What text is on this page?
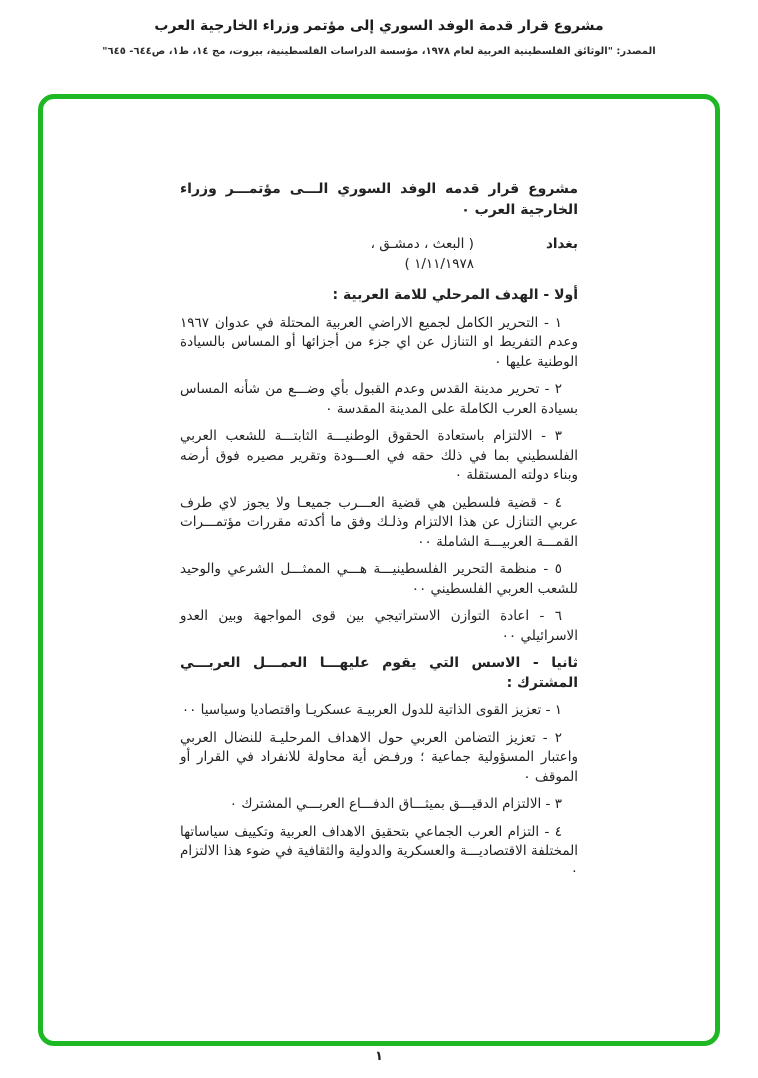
مشروع قرار قدمة الوفد السوري إلى مؤتمر وزراء الخارجية العرب
المصدر: "الوثائق الفلسطينية العربية لعام ١٩٧٨، مؤسسة الدراسات الفلسطينية، بيروت، مج ١٤، ط١، ص٦٤٤- ٦٤٥"
مشروع قرار قدمه الوفد السوري الـــى مؤتمـــر وزراء الخارجية العرب ٠
بغداد
( البعث ، دمشـق ،
١/١١/١٩٧٨ )
أولا - الهدف المرحلي للامة العربية :
١ - التحرير الكامل لجميع الاراضي العربية المحتلة في عدوان ١٩٦٧ وعدم التفريط او التنازل عن اي جزء من أجزائها أو المساس بالسيادة الوطنية عليها ٠
٢ - تحرير مدينة القدس وعدم القبول بأي وضـــع من شأنه المساس بسيادة العرب الكاملة على المدينة المقدسة ٠
٣ - الالتزام باستعادة الحقوق الوطنيـــة الثابتـــة للشعب العربي الفلسطيني بما في ذلك حقه في العـــودة وتقرير مصيره فوق أرضه وبناء دولته المستقلة ٠
٤ - قضية فلسطين هي قضية العـــرب جميعـا ولا يجوز لاي طرف عربي التنازل عن هذا الالتزام وذلـك وفق ما أكدته مقررات مؤتمـــرات القمـــة العربيـــة الشاملة ٠٠
٥ - منظمة التحرير الفلسطينيـــة هـــي الممثـــل الشرعي والوحيد للشعب العربي الفلسطيني ٠٠
٦ - اعادة التوازن الاستراتيجي بين قوى المواجهة وبين العدو الاسرائيلي ٠٠
ثانيا - الاسس التي يقوم عليهـــا العمـــل العربـــي المشترك :
١ - تعزيز القوى الذاتية للدول العربيـة عسكريـا واقتصاديا وسياسيا ٠٠
٢ - تعزيز التضامن العربي حول الاهداف المرحليـة للنضال العربي واعتبار المسؤولية جماعية ؛ ورفـض أية محاولة للانفراد في القرار أو الموقف ٠
٣ - الالتزام الدقيـــق بميثـــاق الدفـــاع العربـــي المشترك ٠
٤ - التزام العرب الجماعي بتحقيق الاهداف العربية وتكييف سياساتها المختلفة الاقتصاديـــة والعسكرية والدولية والثقافية في ضوء هذا الالتزام ٠
١
